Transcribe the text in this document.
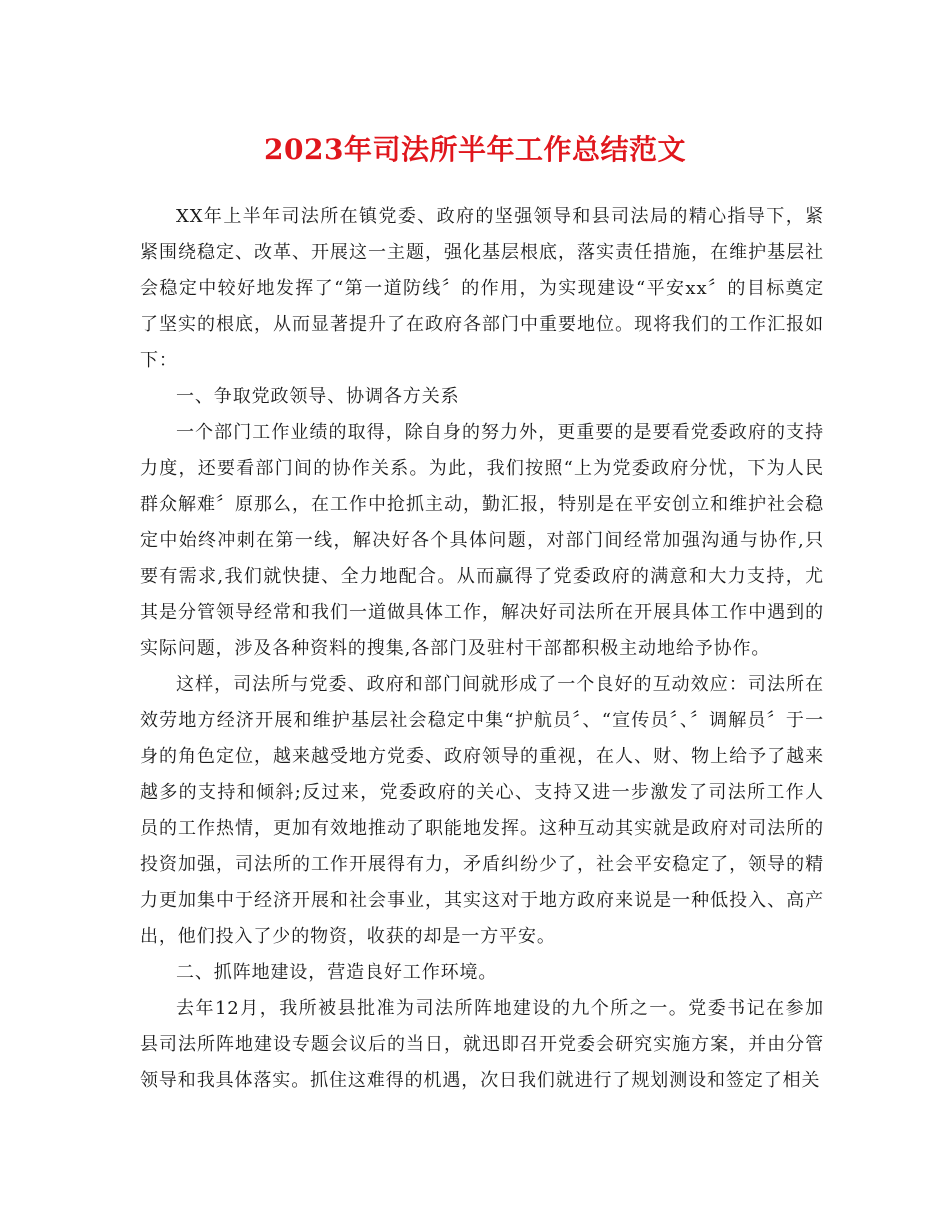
2023年司法所半年工作总结范文

XX年上半年司法所在镇党委、政府的坚强领导和县司法局的精心指导下，紧紧围绕稳定、改革、开展这一主题，强化基层根底，落实责任措施，在维护基层社会稳定中较好地发挥了“第一道防线〞的作用，为实现建设“平安xx〞的目标奠定了坚实的根底，从而显著提升了在政府各部门中重要地位。现将我们的工作汇报如下：

一、争取党政领导、协调各方关系

一个部门工作业绩的取得，除自身的努力外，更重要的是要看党委政府的支持力度，还要看部门间的协作关系。为此，我们按照“上为党委政府分忧，下为人民群众解难〞原那么，在工作中抢抓主动，勤汇报，特别是在平安创立和维护社会稳定中始终冲刺在第一线，解决好各个具体问题，对部门间经常加强沟通与协作,只要有需求,我们就快捷、全力地配合。从而赢得了党委政府的满意和大力支持，尤其是分管领导经常和我们一道做具体工作，解决好司法所在开展具体工作中遇到的实际问题，涉及各种资料的搜集,各部门及驻村干部都积极主动地给予协作。

这样，司法所与党委、政府和部门间就形成了一个良好的互动效应：司法所在效劳地方经济开展和维护基层社会稳定中集“护航员〞、“宣传员〞、〞调解员〞于一身的角色定位，越来越受地方党委、政府领导的重视，在人、财、物上给予了越来越多的支持和倾斜;反过来，党委政府的关心、支持又进一步激发了司法所工作人员的工作热情，更加有效地推动了职能地发挥。这种互动其实就是政府对司法所的投资加强，司法所的工作开展得有力，矛盾纠纷少了，社会平安稳定了，领导的精力更加集中于经济开展和社会事业，其实这对于地方政府来说是一种低投入、高产出，他们投入了少的物资，收获的却是一方平安。

二、抓阵地建设，营造良好工作环境。

去年12月，我所被县批准为司法所阵地建设的九个所之一。党委书记在参加县司法所阵地建设专题会议后的当日，就迅即召开党委会研究实施方案，并由分管领导和我具体落实。抓住这难得的机遇，次日我们就进行了规划测设和签定了相关
